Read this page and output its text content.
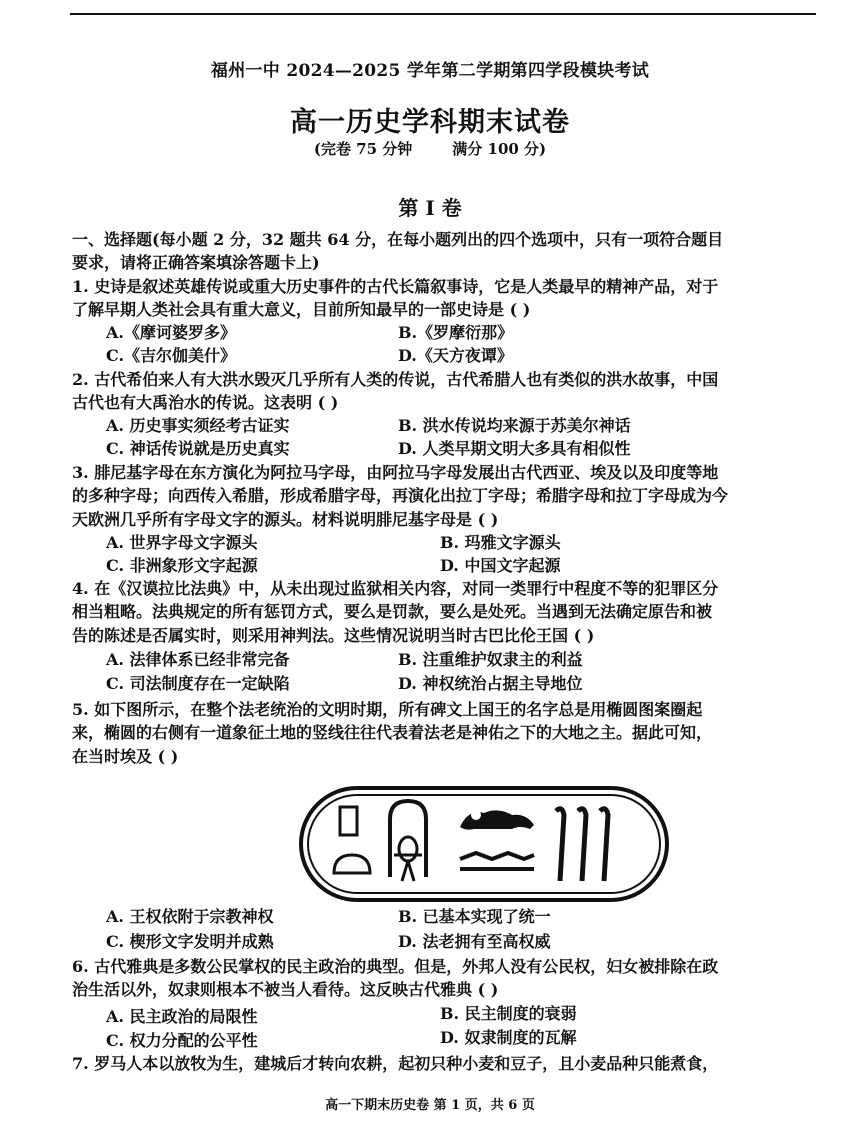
福州一中 2024—2025 学年第二学期第四学段模块考试
高一历史学科期末试卷
(完卷 75 分钟	满分 100 分)
第 I 卷
一、选择题(每小题 2 分，32 题共 64 分，在每小题列出的四个选项中，只有一项符合题目
要求，请将正确答案填涂答题卡上)
1. 史诗是叙述英雄传说或重大历史事件的古代长篇叙事诗，它是人类最早的精神产品，对于
了解早期人类社会具有重大意义，目前所知最早的一部史诗是 ( )
A.《摩诃婆罗多》	B.《罗摩衍那》
C.《吉尔伽美什》	D.《天方夜谭》
2. 古代希伯来人有大洪水毁灭几乎所有人类的传说，古代希腊人也有类似的洪水故事，中国
古代也有大禹治水的传说。这表明 ( )
A. 历史事实须经考古证实	B. 洪水传说均来源于苏美尔神话
C. 神话传说就是历史真实	D. 人类早期文明大多具有相似性
3. 腓尼基字母在东方演化为阿拉马字母，由阿拉马字母发展出古代西亚、埃及以及印度等地
的多种字母；向西传入希腊，形成希腊字母，再演化出拉丁字母；希腊字母和拉丁字母成为今
天欧洲几乎所有字母文字的源头。材料说明腓尼基字母是 ( )
A. 世界字母文字源头	B. 玛雅文字源头
C. 非洲象形文字起源	D. 中国文字起源
4. 在《汉谟拉比法典》中，从未出现过监狱相关内容，对同一类罪行中程度不等的犯罪区分
相当粗略。法典规定的所有惩罚方式，要么是罚款，要么是处死。当遇到无法确定原告和被
告的陈述是否属实时，则采用神判法。这些情况说明当时古巴比伦王国 ( )
A. 法律体系已经非常完备	B. 注重维护奴隶主的利益
C. 司法制度存在一定缺陷	D. 神权统治占据主导地位
5. 如下图所示，在整个法老统治的文明时期，所有碑文上国王的名字总是用椭圆图案圈起
来，椭圆的右侧有一道象征土地的竖线往往代表着法老是神佑之下的大地之主。据此可知，
在当时埃及 ( )
A. 王权依附于宗教神权	B. 已基本实现了统一
C. 楔形文字发明并成熟	D. 法老拥有至高权威
6. 古代雅典是多数公民掌权的民主政治的典型。但是，外邦人没有公民权，妇女被排除在政
治生活以外，奴隶则根本不被当人看待。这反映古代雅典 ( )
A. 民主政治的局限性	B. 民主制度的衰弱
C. 权力分配的公平性	D. 奴隶制度的瓦解
7. 罗马人本以放牧为生，建城后才转向农耕，起初只种小麦和豆子，且小麦品种只能煮食，
高一下期末历史卷 第 1 页，共 6 页
